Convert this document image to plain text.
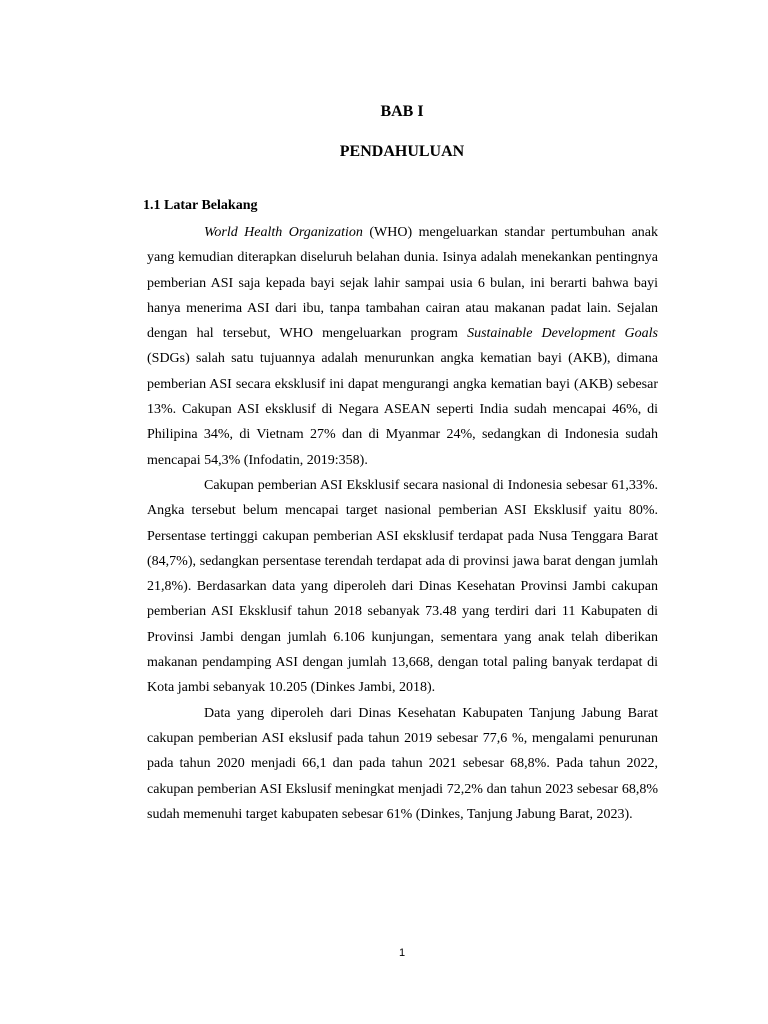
BAB I
PENDAHULUAN
1.1 Latar Belakang

World Health Organization (WHO) mengeluarkan standar pertumbuhan anak yang kemudian diterapkan diseluruh belahan dunia. Isinya adalah menekankan pentingnya pemberian ASI saja kepada bayi sejak lahir sampai usia 6 bulan, ini berarti bahwa bayi hanya menerima ASI dari ibu, tanpa tambahan cairan atau makanan padat lain. Sejalan dengan hal tersebut, WHO mengeluarkan program Sustainable Development Goals (SDGs) salah satu tujuannya adalah menurunkan angka kematian bayi (AKB), dimana pemberian ASI secara eksklusif ini dapat mengurangi angka kematian bayi (AKB) sebesar 13%. Cakupan ASI eksklusif di Negara ASEAN seperti India sudah mencapai 46%, di Philipina 34%, di Vietnam 27% dan di Myanmar 24%, sedangkan di Indonesia sudah mencapai 54,3% (Infodatin, 2019:358).

Cakupan pemberian ASI Eksklusif secara nasional di Indonesia sebesar 61,33%. Angka tersebut belum mencapai target nasional pemberian ASI Eksklusif yaitu 80%. Persentase tertinggi cakupan pemberian ASI eksklusif terdapat pada Nusa Tenggara Barat (84,7%), sedangkan persentase terendah terdapat ada di provinsi jawa barat dengan jumlah 21,8%). Berdasarkan data yang diperoleh dari Dinas Kesehatan Provinsi Jambi cakupan pemberian ASI Eksklusif tahun 2018 sebanyak 73.48 yang terdiri dari 11 Kabupaten di Provinsi Jambi dengan jumlah 6.106 kunjungan, sementara yang anak telah diberikan makanan pendamping ASI dengan jumlah 13,668, dengan total paling banyak terdapat di Kota jambi sebanyak 10.205 (Dinkes Jambi, 2018).

Data yang diperoleh dari Dinas Kesehatan Kabupaten Tanjung Jabung Barat cakupan pemberian ASI ekslusif pada tahun 2019 sebesar 77,6 %, mengalami penurunan pada tahun 2020 menjadi 66,1 dan pada tahun 2021 sebesar 68,8%. Pada tahun 2022, cakupan pemberian ASI Ekslusif meningkat menjadi 72,2% dan tahun 2023 sebesar 68,8% sudah memenuhi target kabupaten sebesar 61% (Dinkes, Tanjung Jabung Barat, 2023).

1
